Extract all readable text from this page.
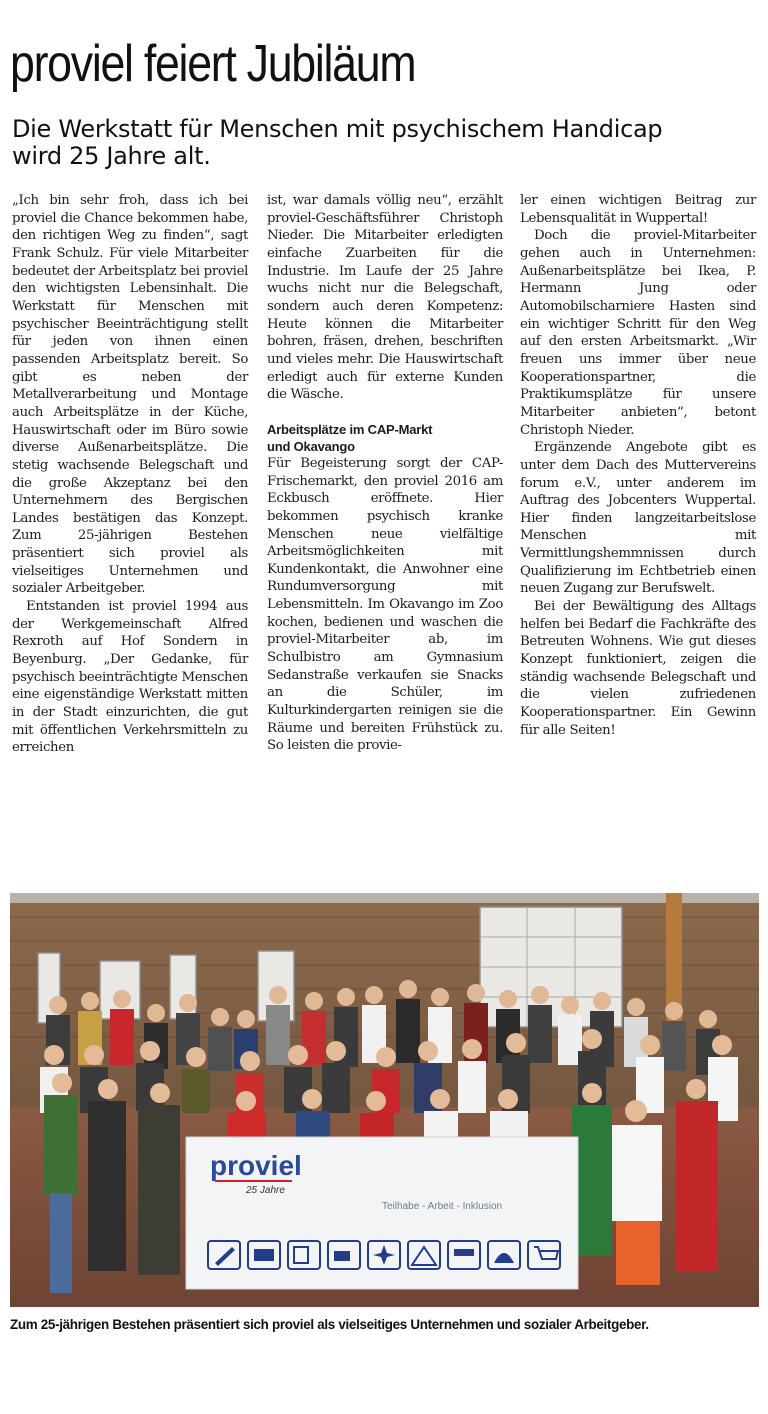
proviel feiert Jubiläum
Die Werkstatt für Menschen mit psychischem Handicap
wird 25 Jahre alt.

„Ich bin sehr froh, dass ich bei proviel die Chance bekommen habe, den richtigen Weg zu finden“, sagt Frank Schulz. Für viele Mitarbeiter bedeutet der Arbeitsplatz bei proviel den wichtigsten Lebensinhalt. Die Werkstatt für Menschen mit psychischer Beeinträchtigung stellt für jeden von ihnen einen passenden Arbeitsplatz bereit. So gibt es neben der Metallverarbeitung und Montage auch Arbeitsplätze in der Küche, Hauswirtschaft oder im Büro sowie diverse Außenarbeitsplätze. Die stetig wachsende Belegschaft und die große Akzeptanz bei den Unternehmern des Bergischen Landes bestätigen das Konzept. Zum 25-jährigen Bestehen präsentiert sich proviel als vielseitiges Unternehmen und sozialer Arbeitgeber.

Entstanden ist proviel 1994 aus der Werkgemeinschaft Alfred Rexroth auf Hof Sondern in Beyenburg. „Der Gedanke, für psychisch beeinträchtigte Menschen eine eigenständige Werkstatt mitten in der Stadt einzurichten, die gut mit öffentlichen Verkehrsmitteln zu erreichen

ist, war damals völlig neu“, erzählt proviel-Geschäftsführer Christoph Nieder. Die Mitarbeiter erledigten einfache Zuarbeiten für die Industrie. Im Laufe der 25 Jahre wuchs nicht nur die Belegschaft, sondern auch deren Kompetenz: Heute können die Mitarbeiter bohren, fräsen, drehen, beschriften und vieles mehr. Die Hauswirtschaft erledigt auch für externe Kunden die Wäsche.

Arbeitsplätze im CAP-Markt
und Okavango

Für Begeisterung sorgt der CAP-Frischemarkt, den proviel 2016 am Eckbusch eröffnete. Hier bekommen psychisch kranke Menschen neue vielfältige Arbeitsmöglichkeiten mit Kundenkontakt, die Anwohner eine Rundumversorgung mit Lebensmitteln. Im Okavango im Zoo kochen, bedienen und waschen die proviel-Mitarbeiter ab, im Schulbistro am Gymnasium Sedanstraße verkaufen sie Snacks an die Schüler, im Kulturkindergarten reinigen sie die Räume und bereiten Frühstück zu. So leisten die provie-

ler einen wichtigen Beitrag zur Lebensqualität in Wuppertal!

Doch die proviel-Mitarbeiter gehen auch in Unternehmen: Außenarbeitsplätze bei Ikea, P. Hermann Jung oder Automobilscharniere Hasten sind ein wichtiger Schritt für den Weg auf den ersten Arbeitsmarkt. „Wir freuen uns immer über neue Kooperationspartner, die Praktikumsplätze für unsere Mitarbeiter anbieten“, betont Christoph Nieder.

Ergänzende Angebote gibt es unter dem Dach des Muttervereins forum e.V., unter anderem im Auftrag des Jobcenters Wuppertal. Hier finden langzeitarbeitslose Menschen mit Vermittlungshemmnissen durch Qualifizierung im Echtbetrieb einen neuen Zugang zur Berufswelt.

Bei der Bewältigung des Alltags helfen bei Bedarf die Fachkräfte des Betreuten Wohnens. Wie gut dieses Konzept funktioniert, zeigen die ständig wachsende Belegschaft und die vielen zufriedenen Kooperationspartner. Ein Gewinn für alle Seiten!

proviel
25 Jahre
Teilhabe - Arbeit - Inklusion
Zum 25-jährigen Bestehen präsentiert sich proviel als vielseitiges Unternehmen und sozialer Arbeitgeber.
